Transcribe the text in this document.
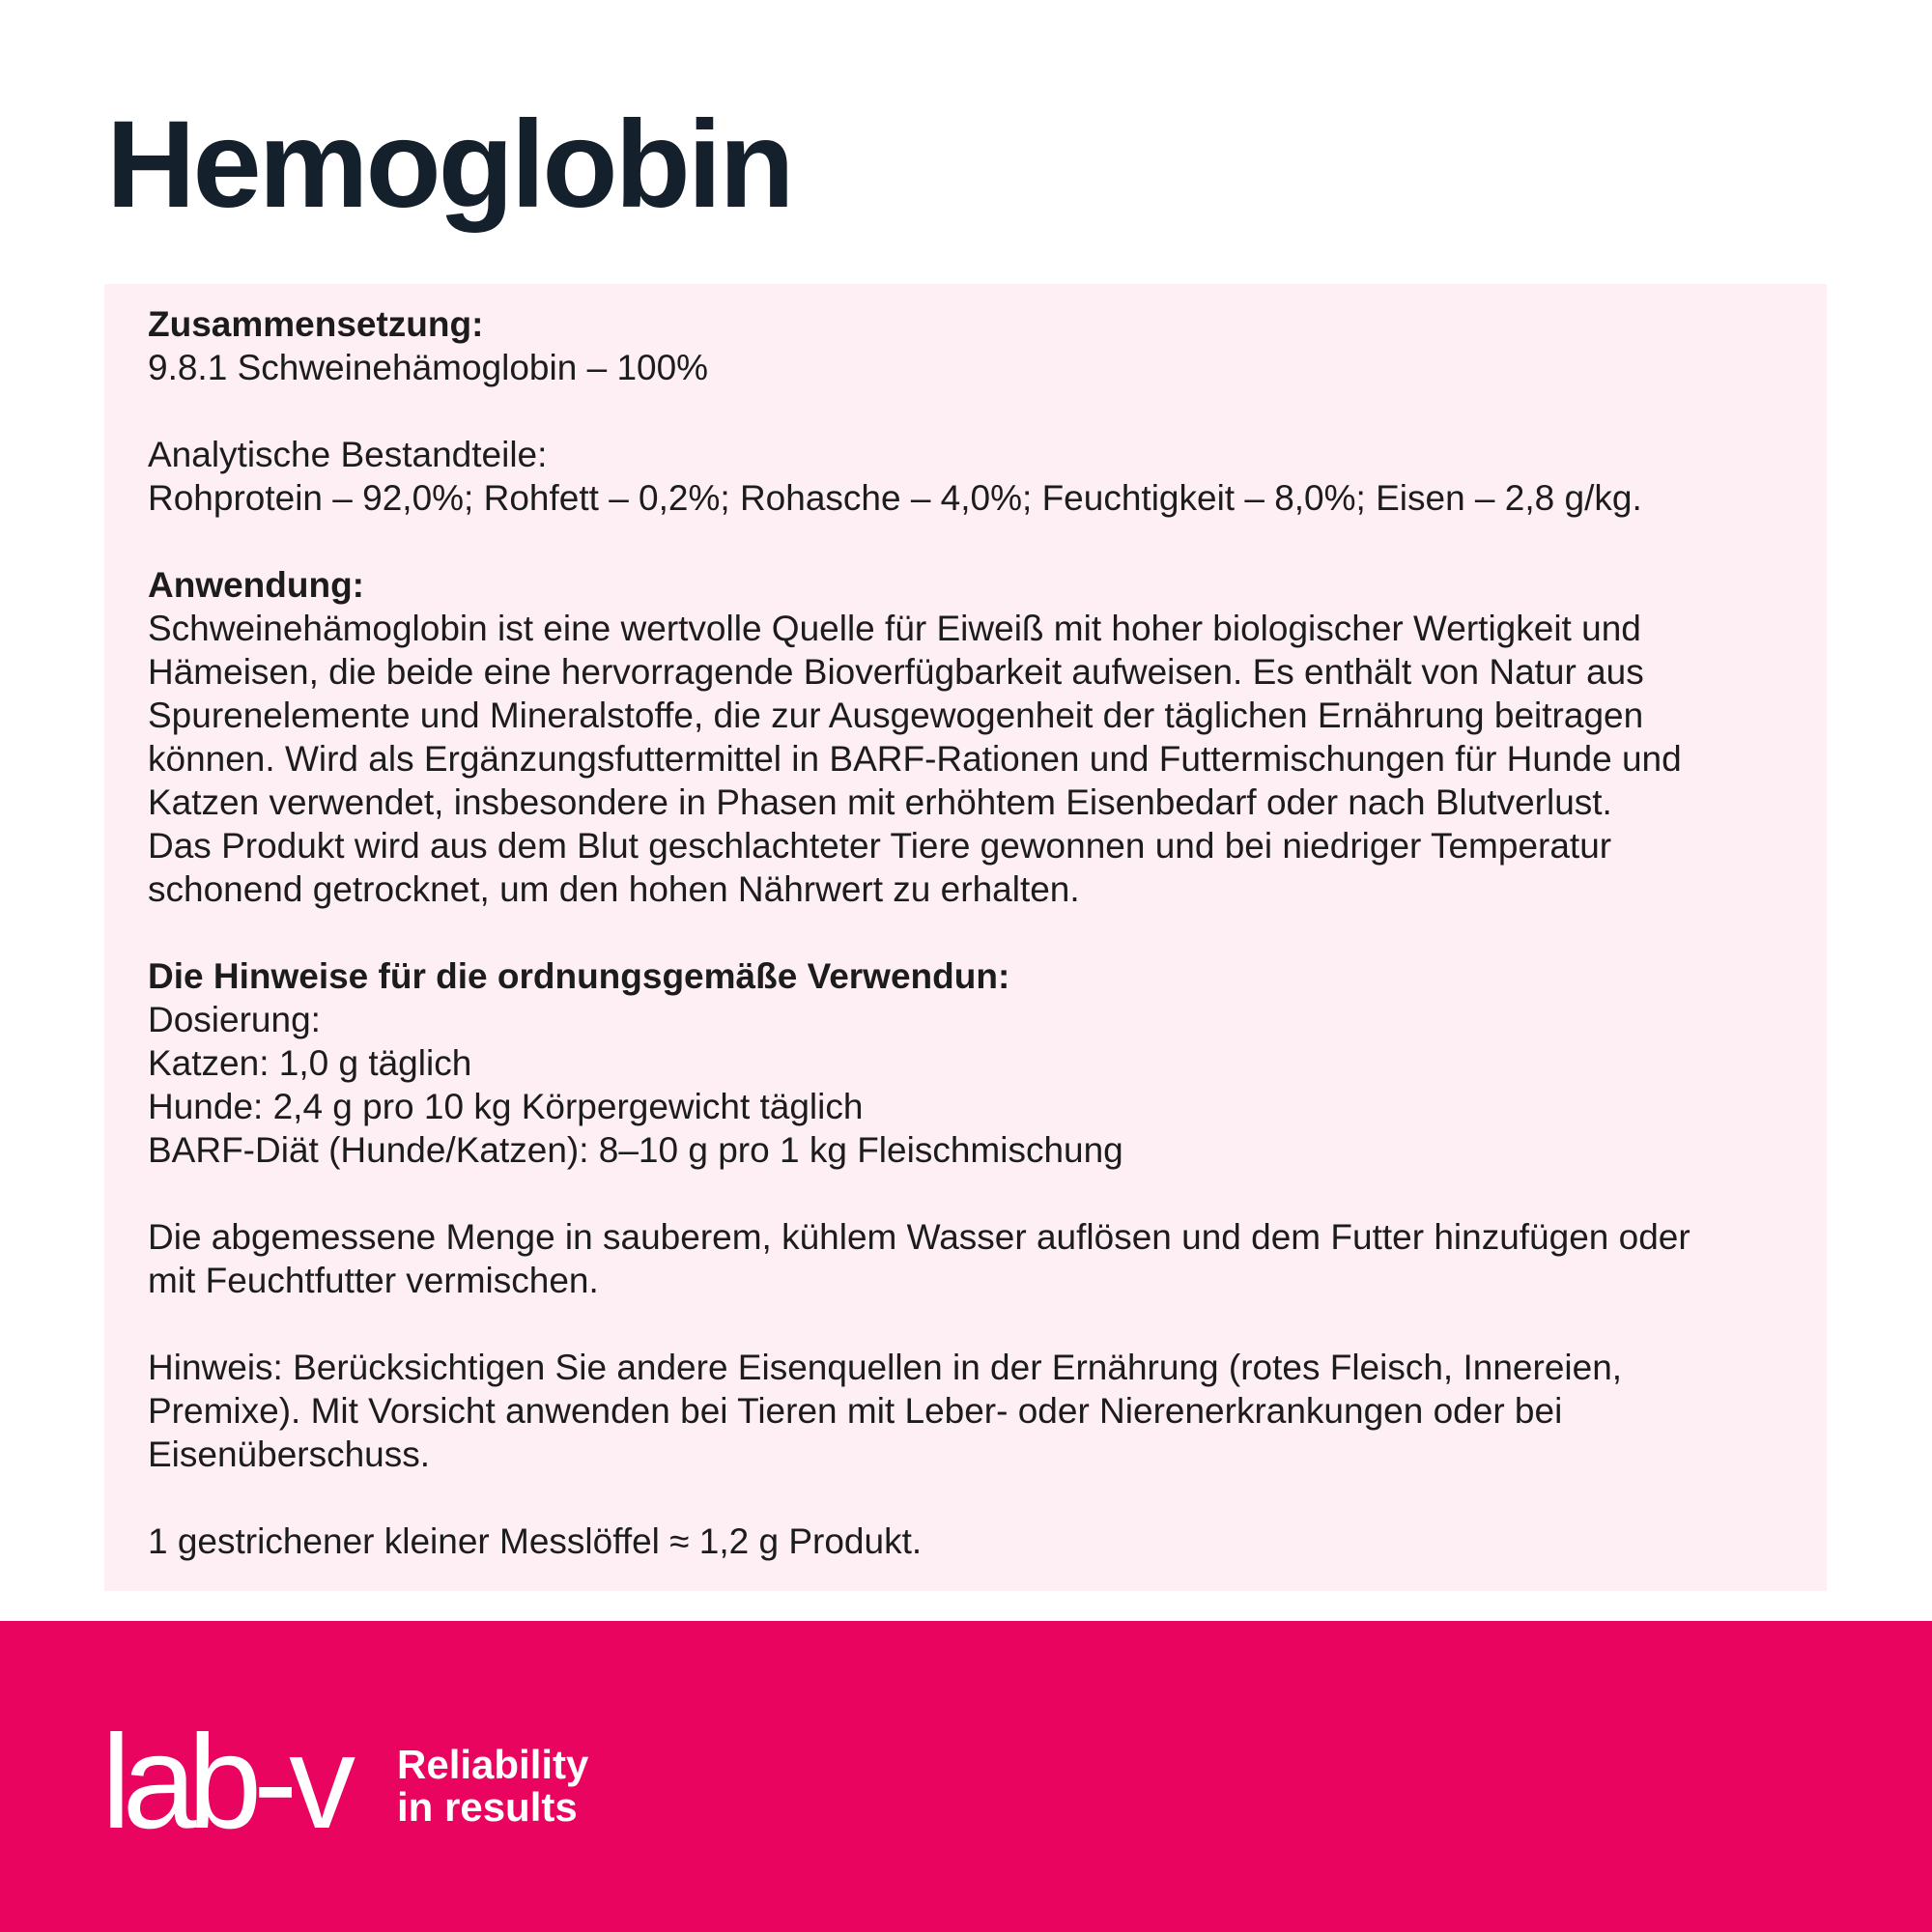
Hemoglobin
Zusammensetzung:
9.8.1 Schweinehämoglobin – 100%
Analytische Bestandteile:
Rohprotein – 92,0%; Rohfett – 0,2%; Rohasche – 4,0%; Feuchtigkeit – 8,0%; Eisen – 2,8 g/kg.
Anwendung:
Schweinehämoglobin ist eine wertvolle Quelle für Eiweiß mit hoher biologischer Wertigkeit und
Hämeisen, die beide eine hervorragende Bioverfügbarkeit aufweisen. Es enthält von Natur aus
Spurenelemente und Mineralstoffe, die zur Ausgewogenheit der täglichen Ernährung beitragen
können. Wird als Ergänzungsfuttermittel in BARF-Rationen und Futtermischungen für Hunde und
Katzen verwendet, insbesondere in Phasen mit erhöhtem Eisenbedarf oder nach Blutverlust.
Das Produkt wird aus dem Blut geschlachteter Tiere gewonnen und bei niedriger Temperatur
schonend getrocknet, um den hohen Nährwert zu erhalten.
Die Hinweise für die ordnungsgemäße Verwendun:
Dosierung:
Katzen: 1,0 g täglich
Hunde: 2,4 g pro 10 kg Körpergewicht täglich
BARF-Diät (Hunde/Katzen): 8–10 g pro 1 kg Fleischmischung
Die abgemessene Menge in sauberem, kühlem Wasser auflösen und dem Futter hinzufügen oder
mit Feuchtfutter vermischen.
Hinweis: Berücksichtigen Sie andere Eisenquellen in der Ernährung (rotes Fleisch, Innereien,
Premixe). Mit Vorsicht anwenden bei Tieren mit Leber- oder Nierenerkrankungen oder bei
Eisenüberschuss.
1 gestrichener kleiner Messlöffel ≈ 1,2 g Produkt.
lab-v Reliability
in results
